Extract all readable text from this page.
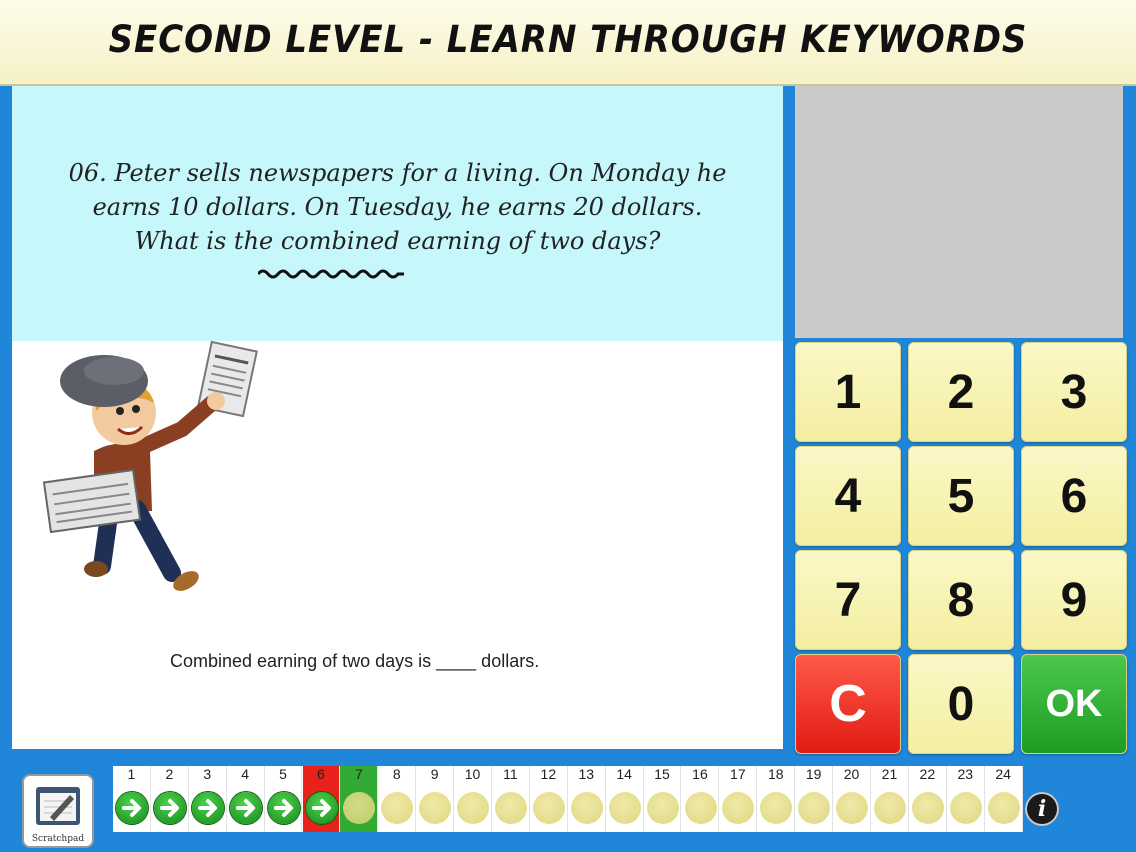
SECOND LEVEL - LEARN THROUGH KEYWORDS
06. Peter sells newspapers for a living. On Monday he
earns 10 dollars. On Tuesday, he earns 20 dollars.
What is the combined earning of two days?
Combined earning of two days is ____ dollars.
1	2	3
4	5	6
7	8	9
C	0	OK
Scratchpad
1	2	3	4	5	6	7	8	9	10	11	12	13	14	15	16	17	18	19	20	21	22	23	24
i
